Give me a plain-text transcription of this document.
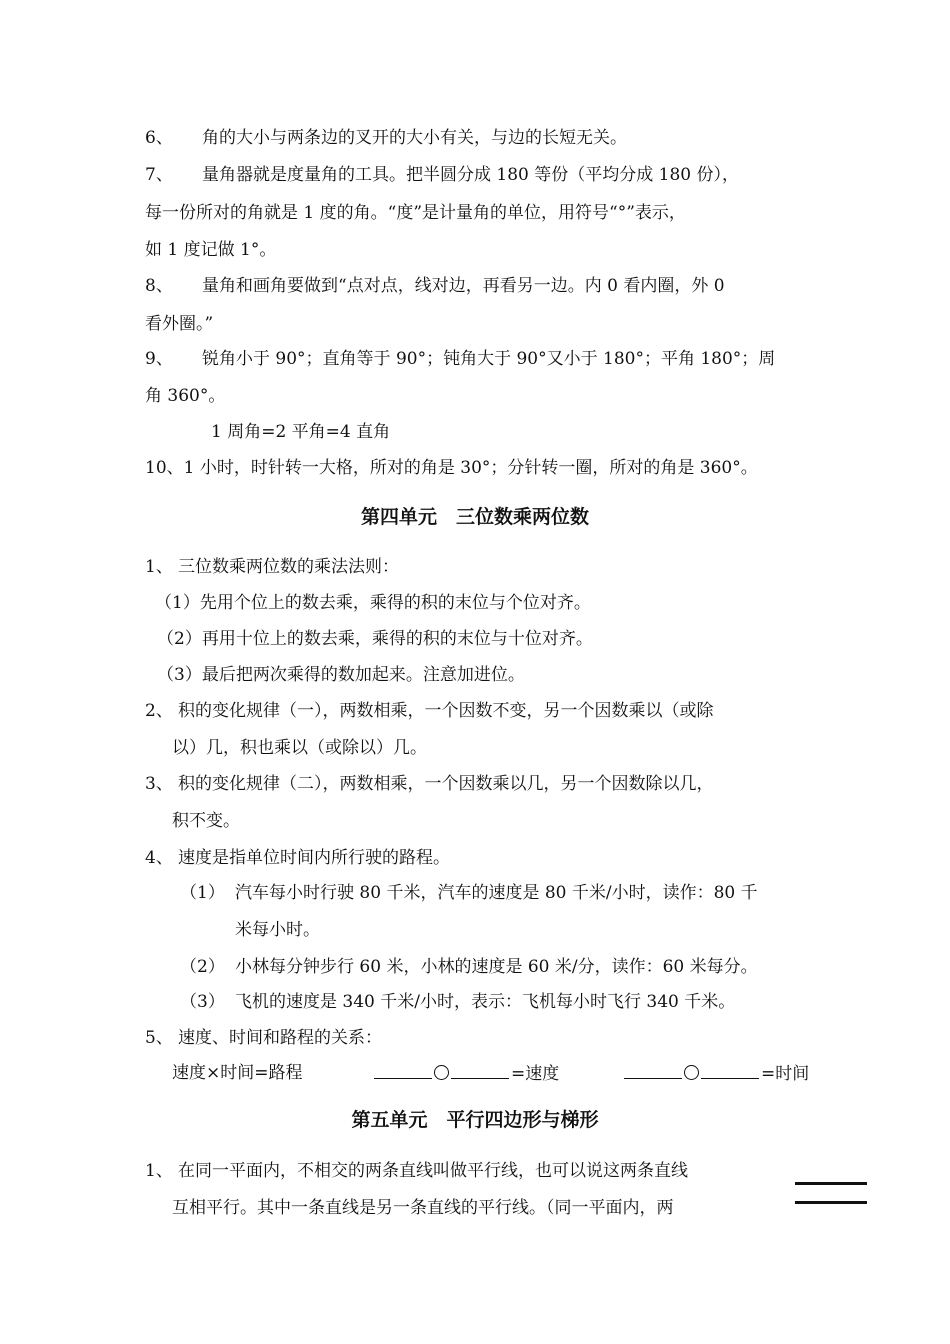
6、 角的大小与两条边的叉开的大小有关，与边的长短无关。
7、 量角器就是度量角的工具。把半圆分成 180 等份（平均分成 180 份），
每一份所对的角就是 1 度的角。“度”是计量角的单位，用符号“°”表示，
如 1 度记做 1°。
8、 量角和画角要做到“点对点，线对边，再看另一边。内 0 看内圈，外 0
看外圈。”
9、 锐角小于 90°；直角等于 90°；钝角大于 90°又小于 180°；平角 180°；周
角 360°。
1 周角=2 平角=4 直角
10、1 小时，时针转一大格，所对的角是 30°；分针转一圈，所对的角是 360°。
第四单元　三位数乘两位数
1、 三位数乘两位数的乘法法则：
（1）先用个位上的数去乘，乘得的积的末位与个位对齐。
（2）再用十位上的数去乘，乘得的积的末位与十位对齐。
（3）最后把两次乘得的数加起来。注意加进位。
2、 积的变化规律（一），两数相乘，一个因数不变，另一个因数乘以（或除
以）几，积也乘以（或除以）几。
3、 积的变化规律（二），两数相乘，一个因数乘以几，另一个因数除以几，
积不变。
4、 速度是指单位时间内所行驶的路程。
（1） 汽车每小时行驶 80 千米，汽车的速度是 80 千米/小时，读作：80 千
米每小时。
（2） 小林每分钟步行 60 米，小林的速度是 60 米/分，读作：60 米每分。
（3） 飞机的速度是 340 千米/小时，表示：飞机每小时飞行 340 千米。
5、 速度、时间和路程的关系：
速度×时间=路程	=速度	=时间
第五单元　平行四边形与梯形
1、 在同一平面内，不相交的两条直线叫做平行线，也可以说这两条直线
互相平行。其中一条直线是另一条直线的平行线。（同一平面内，两
